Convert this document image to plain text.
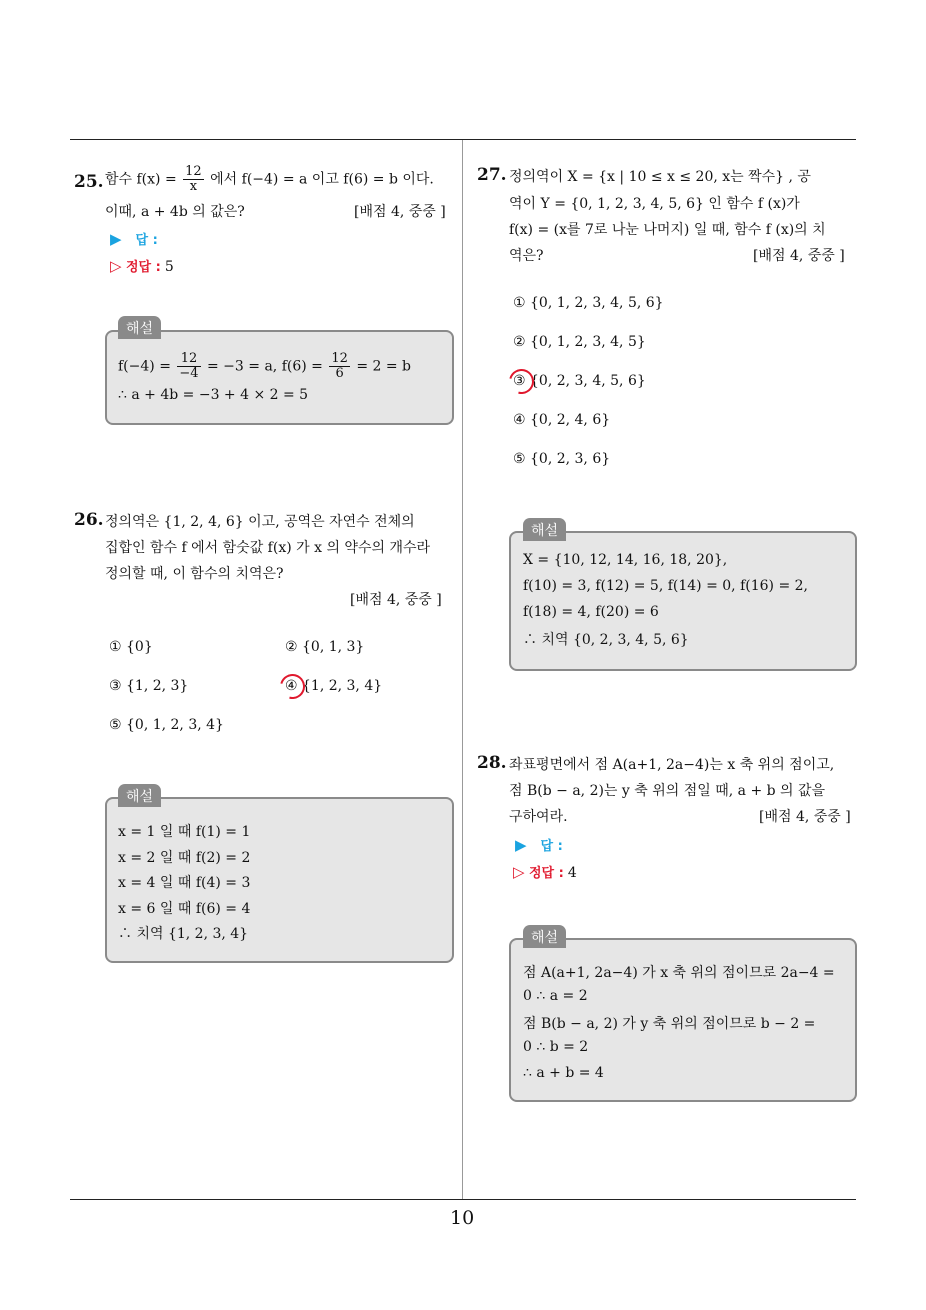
25. 함수 $f(x) = \frac{12}{x}$ 에서 f(−4) = a 이고 f(6) = b 이다.
이때, a + 4b 의 값은?	[배점 4, 중중 ]
▶ 답 :
▷ 정답 : 5
$f(-4) = \frac{12}{-4} = -3 = a$, $f(6) = \frac{12}{6} = 2 = b$
∴ a + 4b = −3 + 4 × 2 = 5
해설
26. 정의역은 {1, 2, 4, 6} 이고, 공역은 자연수 전체의
집합인 함수 f 에서 함숫값 f(x) 가 x 의 약수의 개수라
정의할 때, 이 함수의 치역은?
[배점 4, 중중 ]
① {0}	② {0, 1, 3}
③ {1, 2, 3}	④ {1, 2, 3, 4}
⑤ {0, 1, 2, 3, 4}
x = 1 일 때 f(1) = 1
x = 2 일 때 f(2) = 2
x = 4 일 때 f(4) = 3
x = 6 일 때 f(6) = 4
∴ 치역 {1, 2, 3, 4}
해설
27. 정의역이 X = {x | 10 ≤ x ≤ 20, x는 짝수} , 공
역이 Y = {0, 1, 2, 3, 4, 5, 6} 인 함수 f (x)가
f(x) = (x를 7로 나눈 나머지) 일 때, 함수 f (x)의 치
역은?	[배점 4, 중중 ]
① {0, 1, 2, 3, 4, 5, 6}
② {0, 1, 2, 3, 4, 5}
③ {0, 2, 3, 4, 5, 6}
④ {0, 2, 4, 6}
⑤ {0, 2, 3, 6}
X = {10, 12, 14, 16, 18, 20},
f(10) = 3, f(12) = 5, f(14) = 0, f(16) = 2,
f(18) = 4, f(20) = 6
∴ 치역 {0, 2, 3, 4, 5, 6}
해설
28. 좌표평면에서 점 A(a+1, 2a−4)는 x 축 위의 점이고,
점 B(b − a, 2)는 y 축 위의 점일 때, a + b 의 값을
구하여라.	[배점 4, 중중 ]
▶ 답 :
▷ 정답 : 4
점 A(a+1, 2a−4) 가 x 축 위의 점이므로 2a−4 =
0 ∴ a = 2
점 B(b − a, 2) 가 y 축 위의 점이므로 b − 2 =
0 ∴ b = 2
∴ a + b = 4
해설
10
